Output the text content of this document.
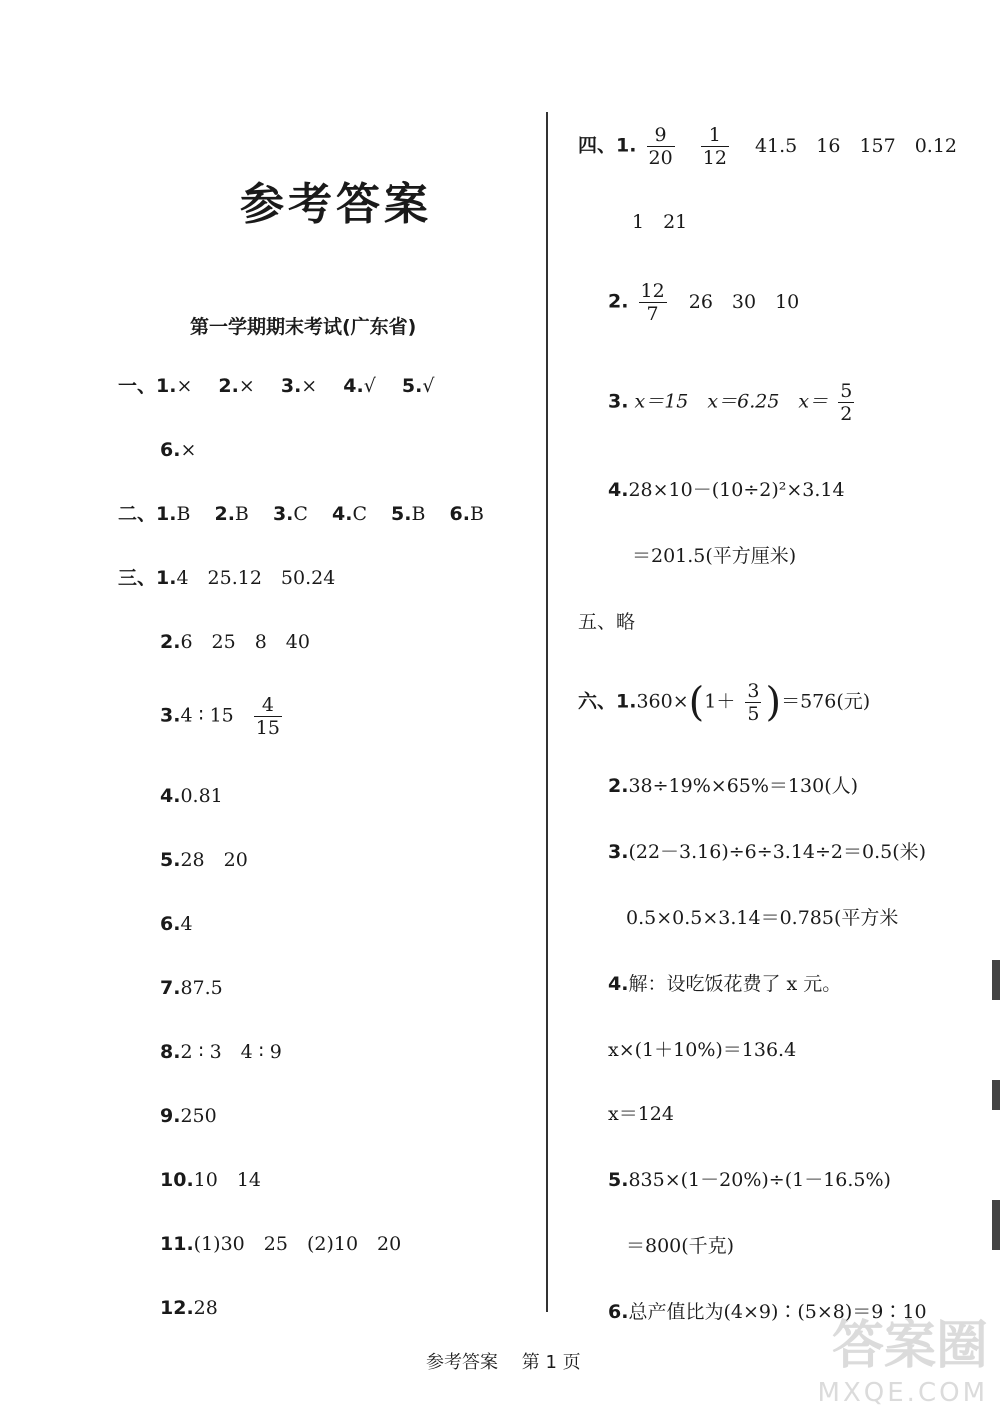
参考答案
第一学期期末考试(广东省)
一、1.× 2.× 3.× 4.√ 5.√
6.×
二、1.B 2.B 3.C 4.C 5.B 6.B
三、1.4　25.12　50.24
2.6　25　8　40
3.4 ∶ $15 \frac{4}{15}$
4.0.81
5.28　20
6.4
7.87.5
8.2 ∶ 3　4 ∶ 9
9.250
10.10　14
11.(1)30　25　(2)10　20
12.28
四、1. $\frac{9}{20}$
$\frac{1}{12} 41.5$　16　157　0.12
1　21
2. $\frac{12}{7} 26$　30　10
3. x＝15　x＝6.25　$x= \frac{5}{2}$
4.28×10－(10÷2)²×3.14
＝201.5(平方厘米)
五、略
六、$1.360\times(1+ \frac{3}{5} )=576$(元)
2.38÷19%×65%＝130(人)
3.(22－3.16)÷6÷3.14÷2＝0.5(米)
0.5×0.5×3.14＝0.785(平方米
4.解：设吃饭花费了 x 元。
x×(1＋10%)＝136.4
x＝124
5.835×(1－20%)÷(1－16.5%)
＝800(千克)
6.总产值比为(4×9)∶(5×8)＝9∶10
参考答案 第 1 页	答案圈
MXQE.COM
